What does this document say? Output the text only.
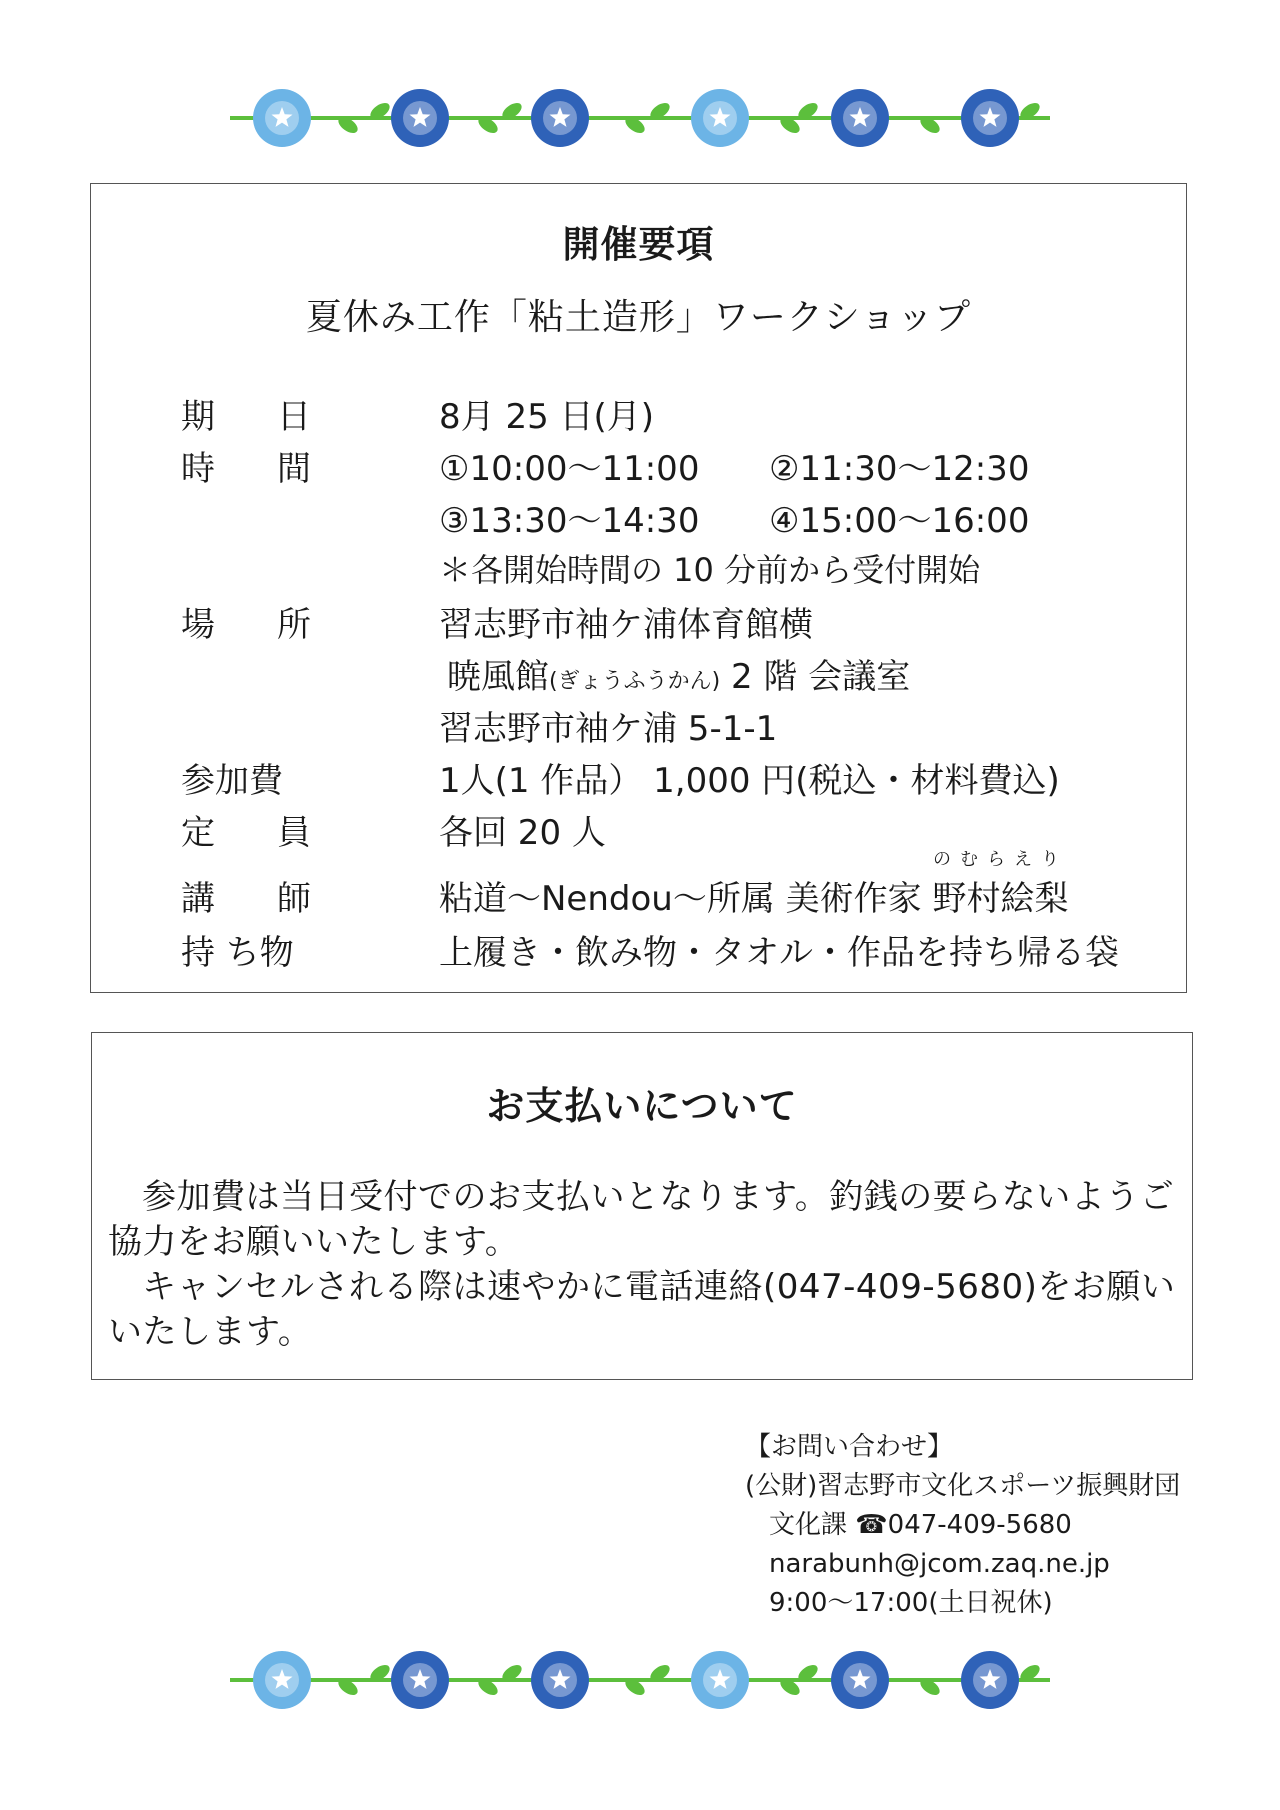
開催要項
夏休み工作「粘土造形」ワークショップ
期 日	8月 25 日(月)
時 間	①10:00～11:00 ②11:30～12:30
③13:30～14:30 ④15:00～16:00
＊各開始時間の 10 分前から受付開始
場 所	習志野市袖ケ浦体育館横
暁風館(ぎょうふうかん) 2 階 会議室
習志野市袖ケ浦 5-1-1
参加費	1人(1 作品） 1,000 円(税込・材料費込)
定 員	各回 20 人
講 師	粘道～Nendou～所属 美術作家
のむらえり
野村絵梨
持 ち物	上履き・飲み物・タオル・作品を持ち帰る袋
お支払いについて

参加費は当日受付でのお支払いとなります。釣銭の要らないようご協力をお願いいたします。

キャンセルされる際は速やかに電話連絡(047-409-5680)をお願いいたします。

【お問い合わせ】
(公財)習志野市文化スポーツ振興財団
文化課 ☎047-409-5680
narabunh@jcom.zaq.ne.jp
9:00～17:00(土日祝休)
